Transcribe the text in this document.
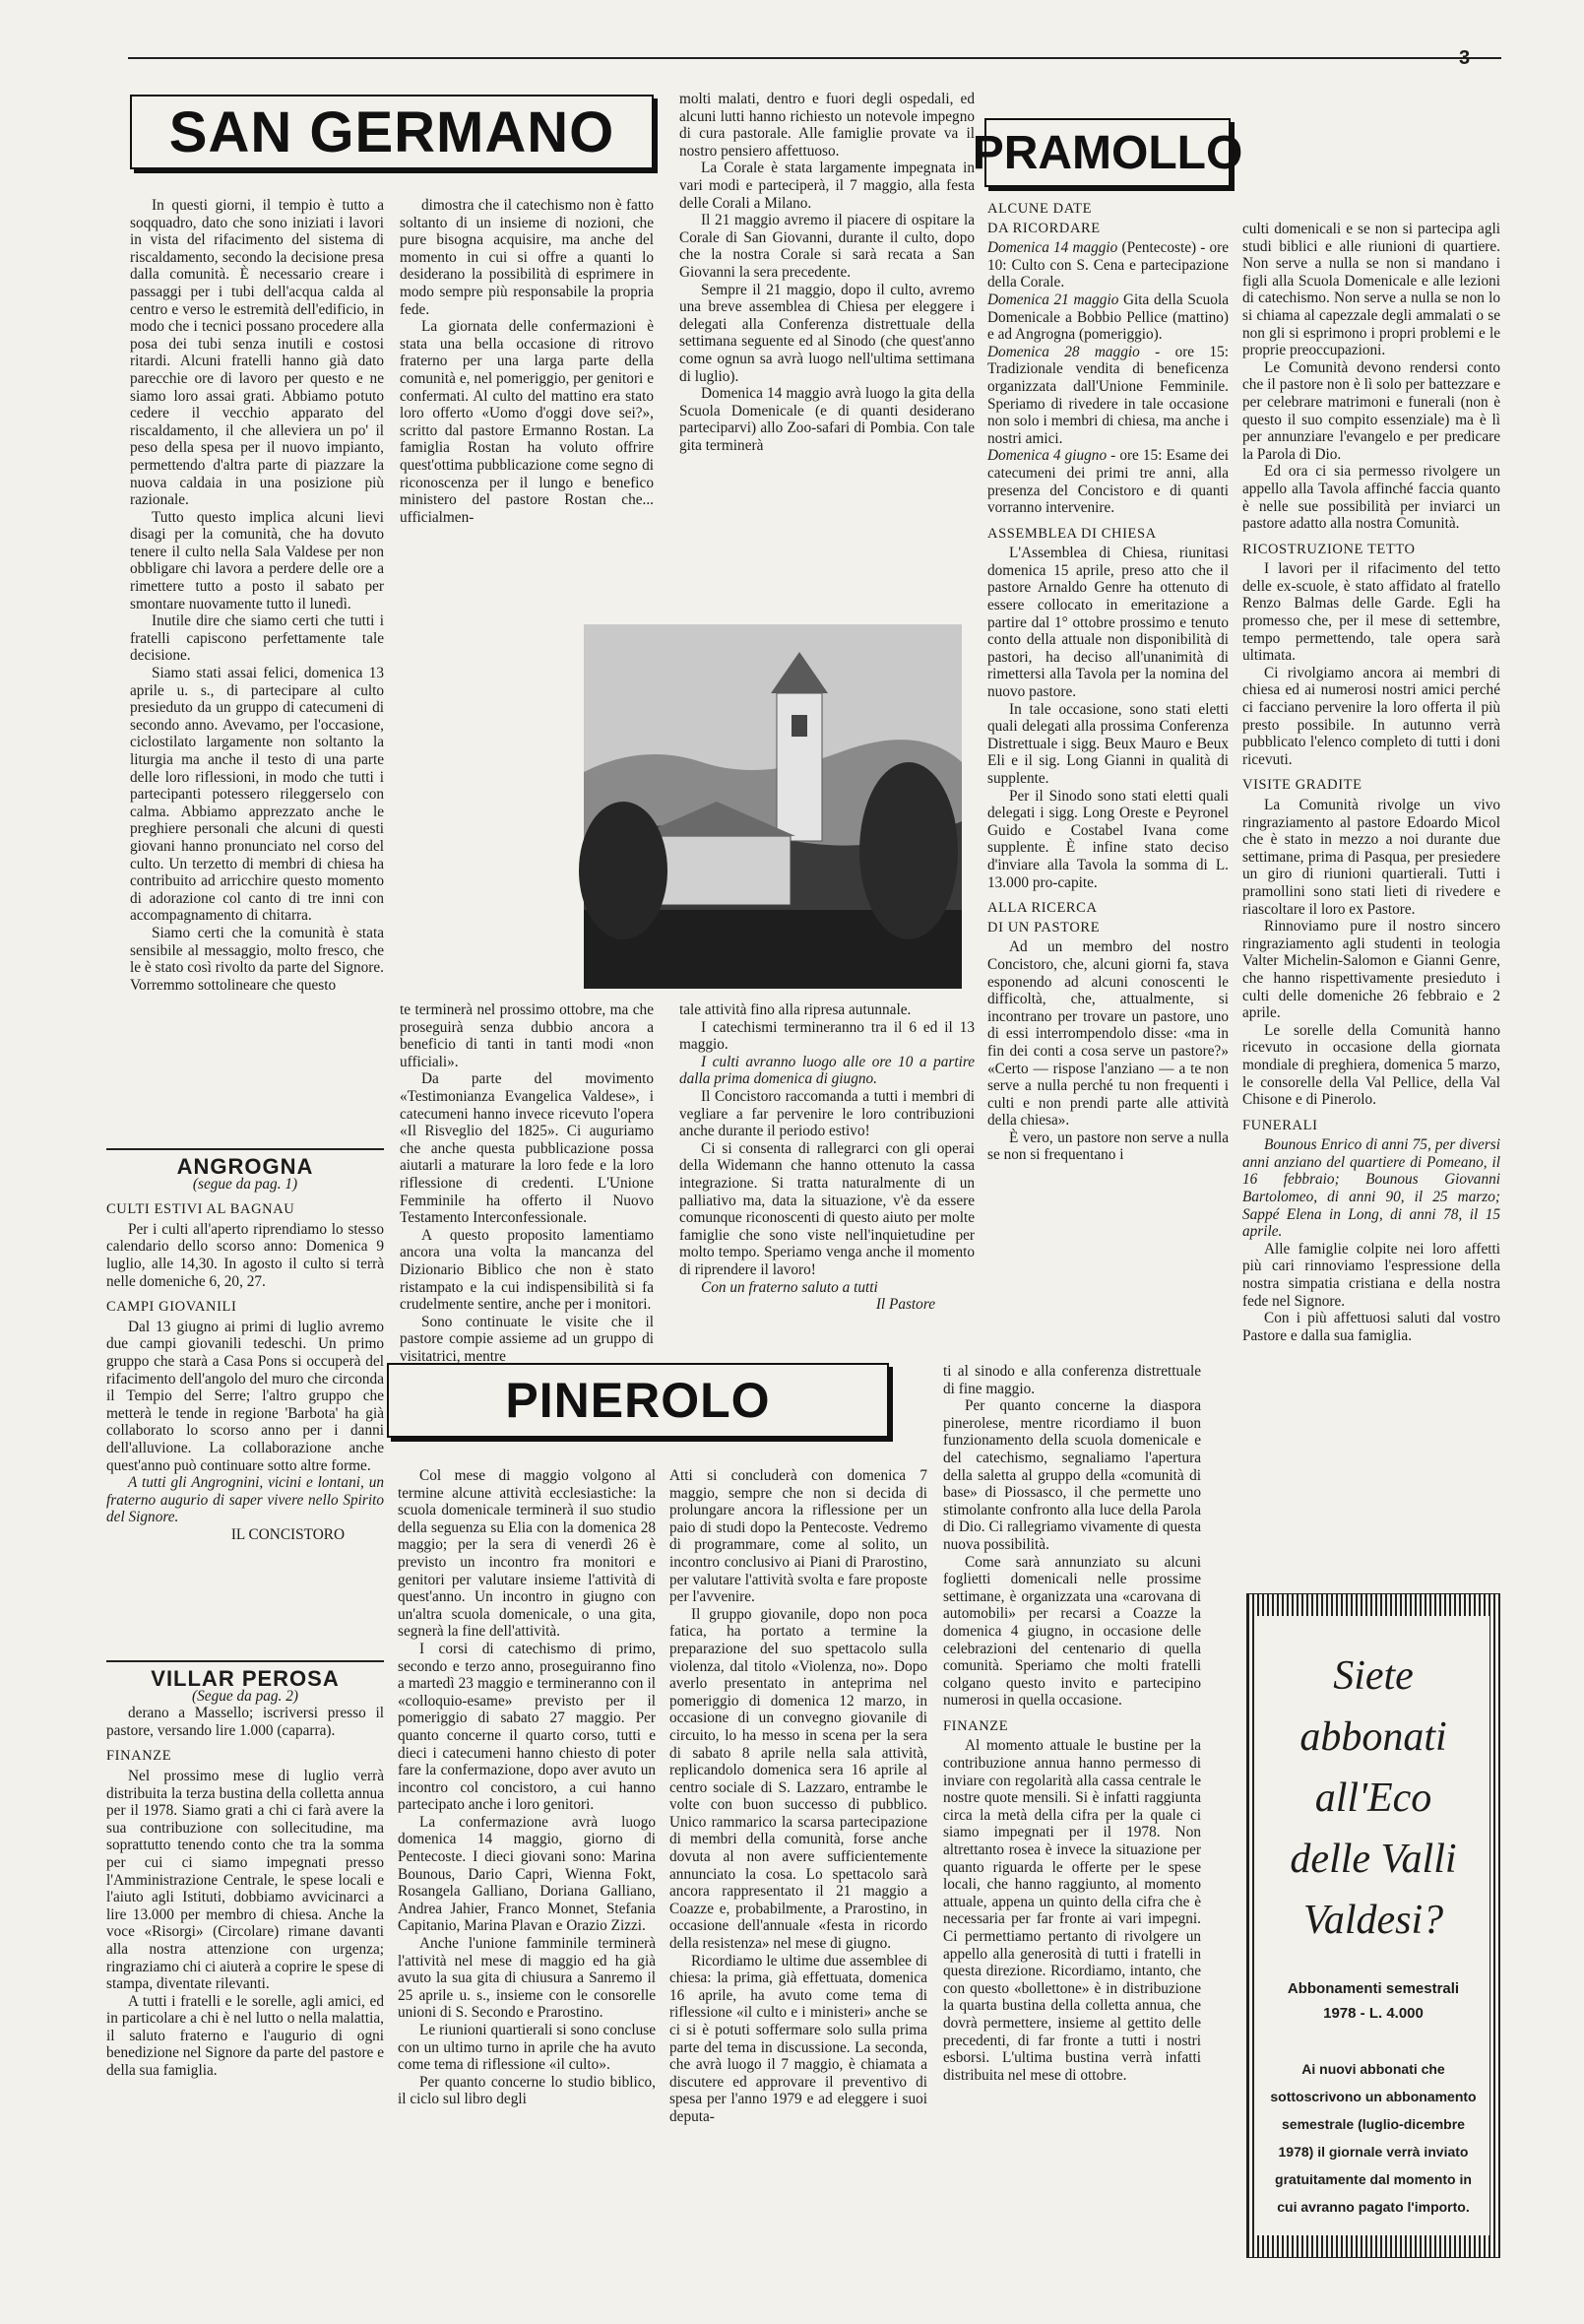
3
SAN GERMANO

In questi giorni, il tempio è tutto a soqquadro, dato che sono iniziati i lavori in vista del rifacimento del sistema di riscaldamento, secondo la decisione presa dalla comunità. È necessario creare i passaggi per i tubi dell'acqua calda al centro e verso le estremità dell'edificio, in modo che i tecnici possano procedere alla posa dei tubi senza inutili e costosi ritardi. Alcuni fratelli hanno già dato parecchie ore di lavoro per questo e ne siamo loro assai grati. Abbiamo potuto cedere il vecchio apparato del riscaldamento, il che alleviera un po' il peso della spesa per il nuovo impianto, permettendo d'altra parte di piazzare la nuova caldaia in una posizione più razionale.

Tutto questo implica alcuni lievi disagi per la comunità, che ha dovuto tenere il culto nella Sala Valdese per non obbligare chi lavora a perdere delle ore a rimettere tutto a posto il sabato per smontare nuovamente tutto il lunedì.

Inutile dire che siamo certi che tutti i fratelli capiscono perfettamente tale decisione.

Siamo stati assai felici, domenica 13 aprile u. s., di partecipare al culto presieduto da un gruppo di catecumeni di secondo anno. Avevamo, per l'occasione, ciclostilato largamente non soltanto la liturgia ma anche il testo di una parte delle loro riflessioni, in modo che tutti i partecipanti potessero rileggerselo con calma. Abbiamo apprezzato anche le preghiere personali che alcuni di questi giovani hanno pronunciato nel corso del culto. Un terzetto di membri di chiesa ha contribuito ad arricchire questo momento di adorazione col canto di tre inni con accompagnamento di chitarra.

Siamo certi che la comunità è stata sensibile al messaggio, molto fresco, che le è stato così rivolto da parte del Signore. Vorremmo sottolineare che questo

dimostra che il catechismo non è fatto soltanto di un insieme di nozioni, che pure bisogna acquisire, ma anche del momento in cui si offre a quanti lo desiderano la possibilità di esprimere in modo sempre più responsabile la propria fede.

La giornata delle confermazioni è stata una bella occasione di ritrovo fraterno per una larga parte della comunità e, nel pomeriggio, per genitori e confermati. Al culto del mattino era stato loro offerto «Uomo d'oggi dove sei?», scritto dal pastore Ermanno Rostan. La famiglia Rostan ha voluto offrire quest'ottima pubblicazione come segno di riconoscenza per il lungo e benefico ministero del pastore Rostan che... ufficialmen-

molti malati, dentro e fuori degli ospedali, ed alcuni lutti hanno richiesto un notevole impegno di cura pastorale. Alle famiglie provate va il nostro pensiero affettuoso.

La Corale è stata largamente impegnata in vari modi e parteciperà, il 7 maggio, alla festa delle Corali a Milano.

Il 21 maggio avremo il piacere di ospitare la Corale di San Giovanni, durante il culto, dopo che la nostra Corale si sarà recata a San Giovanni la sera precedente.

Sempre il 21 maggio, dopo il culto, avremo una breve assemblea di Chiesa per eleggere i delegati alla Conferenza distrettuale della settimana seguente ed al Sinodo (che quest'anno come ognun sa avrà luogo nell'ultima settimana di luglio).

Domenica 14 maggio avrà luogo la gita della Scuola Domenicale (e di quanti desiderano parteciparvi) allo Zoo-safari di Pombia. Con tale gita terminerà

te terminerà nel prossimo ottobre, ma che proseguirà senza dubbio ancora a beneficio di tanti in tanti modi «non ufficiali».

Da parte del movimento «Testimonianza Evangelica Valdese», i catecumeni hanno invece ricevuto l'opera «Il Risveglio del 1825». Ci auguriamo che anche questa pubblicazione possa aiutarli a maturare la loro fede e la loro riflessione di credenti. L'Unione Femminile ha offerto il Nuovo Testamento Interconfessionale.

A questo proposito lamentiamo ancora una volta la mancanza del Dizionario Biblico che non è stato ristampato e la cui indispensibilità si fa crudelmente sentire, anche per i monitori.

Sono continuate le visite che il pastore compie assieme ad un gruppo di visitatrici, mentre

tale attività fino alla ripresa autunnale.

I catechismi termineranno tra il 6 ed il 13 maggio.

I culti avranno luogo alle ore 10 a partire dalla prima domenica di giugno.

Il Concistoro raccomanda a tutti i membri di vegliare a far pervenire le loro contribuzioni anche durante il periodo estivo!

Ci si consenta di rallegrarci con gli operai della Widemann che hanno ottenuto la cassa integrazione. Si tratta naturalmente di un palliativo ma, data la situazione, v'è da essere comunque riconoscenti di questo aiuto per molte famiglie che sono viste nell'inquietudine per molto tempo. Speriamo venga anche il momento di riprendere il lavoro!

Con un fraterno saluto a tutti

Il Pastore

ANGROGNA

(segue da pag. 1)

CULTI ESTIVI AL BAGNAU

Per i culti all'aperto riprendiamo lo stesso calendario dello scorso anno: Domenica 9 luglio, alle 14,30. In agosto il culto si terrà nelle domeniche 6, 20, 27.

CAMPI GIOVANILI

Dal 13 giugno ai primi di luglio avremo due campi giovanili tedeschi. Un primo gruppo che starà a Casa Pons si occuperà del rifacimento dell'angolo del muro che circonda il Tempio del Serre; l'altro gruppo che metterà le tende in regione 'Barbota' ha già collaborato lo scorso anno per i danni dell'alluvione. La collaborazione anche quest'anno può continuare sotto altre forme.

A tutti gli Angrognini, vicini e lontani, un fraterno augurio di saper vivere nello Spirito del Signore.

IL CONCISTORO

VILLAR PEROSA

(Segue da pag. 2)

derano a Massello; iscriversi presso il pastore, versando lire 1.000 (caparra).

FINANZE

Nel prossimo mese di luglio verrà distribuita la terza bustina della colletta annua per il 1978. Siamo grati a chi ci farà avere la sua contribuzione con sollecitudine, ma soprattutto tenendo conto che tra la somma per cui ci siamo impegnati presso l'Amministrazione Centrale, le spese locali e l'aiuto agli Istituti, dobbiamo avvicinarci a lire 13.000 per membro di chiesa. Anche la voce «Risorgi» (Circolare) rimane davanti alla nostra attenzione con urgenza; ringraziamo chi ci aiuterà a coprire le spese di stampa, diventate rilevanti.

A tutti i fratelli e le sorelle, agli amici, ed in particolare a chi è nel lutto o nella malattia, il saluto fraterno e l'augurio di ogni benedizione nel Signore da parte del pastore e della sua famiglia.

PRAMOLLO

ALCUNE DATE

DA RICORDARE

Domenica 14 maggio (Pentecoste) - ore 10: Culto con S. Cena e partecipazione della Corale.

Domenica 21 maggio Gita della Scuola Domenicale a Bobbio Pellice (mattino) e ad Angrogna (pomeriggio).

Domenica 28 maggio - ore 15: Tradizionale vendita di beneficenza organizzata dall'Unione Femminile. Speriamo di rivedere in tale occasione non solo i membri di chiesa, ma anche i nostri amici.

Domenica 4 giugno - ore 15: Esame dei catecumeni dei primi tre anni, alla presenza del Concistoro e di quanti vorranno intervenire.

ASSEMBLEA DI CHIESA

L'Assemblea di Chiesa, riunitasi domenica 15 aprile, preso atto che il pastore Arnaldo Genre ha ottenuto di essere collocato in emeritazione a partire dal 1° ottobre prossimo e tenuto conto della attuale non disponibilità di pastori, ha deciso all'unanimità di rimettersi alla Tavola per la nomina del nuovo pastore.

In tale occasione, sono stati eletti quali delegati alla prossima Conferenza Distrettuale i sigg. Beux Mauro e Beux Eli e il sig. Long Gianni in qualità di supplente.

Per il Sinodo sono stati eletti quali delegati i sigg. Long Oreste e Peyronel Guido e Costabel Ivana come supplente. È infine stato deciso d'inviare alla Tavola la somma di L. 13.000 pro-capite.

ALLA RICERCA

DI UN PASTORE

Ad un membro del nostro Concistoro, che, alcuni giorni fa, stava esponendo ad alcuni conoscenti le difficoltà, che, attualmente, si incontrano per trovare un pastore, uno di essi interrompendolo disse: «ma in fin dei conti a cosa serve un pastore?» «Certo — rispose l'anziano — a te non serve a nulla perché tu non frequenti i culti e non prendi parte alle attività della chiesa».

È vero, un pastore non serve a nulla se non si frequentano i

culti domenicali e se non si partecipa agli studi biblici e alle riunioni di quartiere. Non serve a nulla se non si mandano i figli alla Scuola Domenicale e alle lezioni di catechismo. Non serve a nulla se non lo si chiama al capezzale degli ammalati o se non gli si esprimono i propri problemi e le proprie preoccupazioni.

Le Comunità devono rendersi conto che il pastore non è lì solo per battezzare e per celebrare matrimoni e funerali (non è questo il suo compito essenziale) ma è lì per annunziare l'evangelo e per predicare la Parola di Dio.

Ed ora ci sia permesso rivolgere un appello alla Tavola affinché faccia quanto è nelle sue possibilità per inviarci un pastore adatto alla nostra Comunità.

RICOSTRUZIONE TETTO

I lavori per il rifacimento del tetto delle ex-scuole, è stato affidato al fratello Renzo Balmas delle Garde. Egli ha promesso che, per il mese di settembre, tempo permettendo, tale opera sarà ultimata.

Ci rivolgiamo ancora ai membri di chiesa ed ai numerosi nostri amici perché ci facciano pervenire la loro offerta il più presto possibile. In autunno verrà pubblicato l'elenco completo di tutti i doni ricevuti.

VISITE GRADITE

La Comunità rivolge un vivo ringraziamento al pastore Edoardo Micol che è stato in mezzo a noi durante due settimane, prima di Pasqua, per presiedere un giro di riunioni quartierali. Tutti i pramollini sono stati lieti di rivedere e riascoltare il loro ex Pastore.

Rinnoviamo pure il nostro sincero ringraziamento agli studenti in teologia Valter Michelin-Salomon e Gianni Genre, che hanno rispettivamente presieduto i culti delle domeniche 26 febbraio e 2 aprile.

Le sorelle della Comunità hanno ricevuto in occasione della giornata mondiale di preghiera, domenica 5 marzo, le consorelle della Val Pellice, della Val Chisone e di Pinerolo.

FUNERALI

Bounous Enrico di anni 75, per diversi anni anziano del quartiere di Pomeano, il 16 febbraio; Bounous Giovanni Bartolomeo, di anni 90, il 25 marzo; Sappé Elena in Long, di anni 78, il 15 aprile.

Alle famiglie colpite nei loro affetti più cari rinnoviamo l'espressione della nostra simpatia cristiana e della nostra fede nel Signore.

Con i più affettuosi saluti dal vostro Pastore e dalla sua famiglia.

PINEROLO

Col mese di maggio volgono al termine alcune attività ecclesiastiche: la scuola domenicale terminerà il suo studio della seguenza su Elia con la domenica 28 maggio; per la sera di venerdì 26 è previsto un incontro fra monitori e genitori per valutare insieme l'attività di quest'anno. Un incontro in giugno con un'altra scuola domenicale, o una gita, segnerà la fine dell'attività.

I corsi di catechismo di primo, secondo e terzo anno, proseguiranno fino a martedì 23 maggio e termineranno con il «colloquio-esame» previsto per il pomeriggio di sabato 27 maggio. Per quanto concerne il quarto corso, tutti e dieci i catecumeni hanno chiesto di poter fare la confermazione, dopo aver avuto un incontro col concistoro, a cui hanno partecipato anche i loro genitori.

La confermazione avrà luogo domenica 14 maggio, giorno di Pentecoste. I dieci giovani sono: Marina Bounous, Dario Capri, Wienna Fokt, Rosangela Galliano, Doriana Galliano, Andrea Jahier, Franco Monnet, Stefania Capitanio, Marina Plavan e Orazio Zizzi.

Anche l'unione famminile terminerà l'attività nel mese di maggio ed ha già avuto la sua gita di chiusura a Sanremo il 25 aprile u. s., insieme con le consorelle unioni di S. Secondo e Prarostino.

Le riunioni quartierali si sono concluse con un ultimo turno in aprile che ha avuto come tema di riflessione «il culto».

Per quanto concerne lo studio biblico, il ciclo sul libro degli

Atti si concluderà con domenica 7 maggio, sempre che non si decida di prolungare ancora la riflessione per un paio di studi dopo la Pentecoste. Vedremo di programmare, come al solito, un incontro conclusivo ai Piani di Prarostino, per valutare l'attività svolta e fare proposte per l'avvenire.

Il gruppo giovanile, dopo non poca fatica, ha portato a termine la preparazione del suo spettacolo sulla violenza, dal titolo «Violenza, no». Dopo averlo presentato in anteprima nel pomeriggio di domenica 12 marzo, in occasione di un convegno giovanile di circuito, lo ha messo in scena per la sera di sabato 8 aprile nella sala attività, replicandolo domenica sera 16 aprile al centro sociale di S. Lazzaro, entrambe le volte con buon successo di pubblico. Unico rammarico la scarsa partecipazione di membri della comunità, forse anche dovuta al non avere sufficientemente annunciato la cosa. Lo spettacolo sarà ancora rappresentato il 21 maggio a Coazze e, probabilmente, a Prarostino, in occasione dell'annuale «festa in ricordo della resistenza» nel mese di giugno.

Ricordiamo le ultime due assemblee di chiesa: la prima, già effettuata, domenica 16 aprile, ha avuto come tema di riflessione «il culto e i ministeri» anche se ci si è potuti soffermare solo sulla prima parte del tema in discussione. La seconda, che avrà luogo il 7 maggio, è chiamata a discutere ed approvare il preventivo di spesa per l'anno 1979 e ad eleggere i suoi deputa-

ti al sinodo e alla conferenza distrettuale di fine maggio.

Per quanto concerne la diaspora pinerolese, mentre ricordiamo il buon funzionamento della scuola domenicale e del catechismo, segnaliamo l'apertura della saletta al gruppo della «comunità di base» di Piossasco, il che permette uno stimolante confronto alla luce della Parola di Dio. Ci rallegriamo vivamente di questa nuova possibilità.

Come sarà annunziato su alcuni foglietti domenicali nelle prossime settimane, è organizzata una «carovana di automobili» per recarsi a Coazze la domenica 4 giugno, in occasione delle celebrazioni del centenario di quella comunità. Speriamo che molti fratelli colgano questo invito e partecipino numerosi in quella occasione.

FINANZE

Al momento attuale le bustine per la contribuzione annua hanno permesso di inviare con regolarità alla cassa centrale le nostre quote mensili. Si è infatti raggiunta circa la metà della cifra per la quale ci siamo impegnati per il 1978. Non altrettanto rosea è invece la situazione per quanto riguarda le offerte per le spese locali, che hanno raggiunto, al momento attuale, appena un quinto della cifra che è necessaria per far fronte ai vari impegni. Ci permettiamo pertanto di rivolgere un appello alla generosità di tutti i fratelli in questa direzione. Ricordiamo, intanto, che con questo «bollettone» è in distribuzione la quarta bustina della colletta annua, che dovrà permettere, insieme al gettito delle precedenti, di far fronte a tutti i nostri esborsi. L'ultima bustina verrà infatti distribuita nel mese di ottobre.

Siete
abbonati
all'Eco
delle Valli
Valdesi?
Abbonamenti semestrali
1978 - L. 4.000
Ai nuovi abbonati che sottoscrivono un abbonamento semestrale (luglio-dicembre 1978) il giornale verrà inviato gratuitamente dal momento in cui avranno pagato l'importo.
